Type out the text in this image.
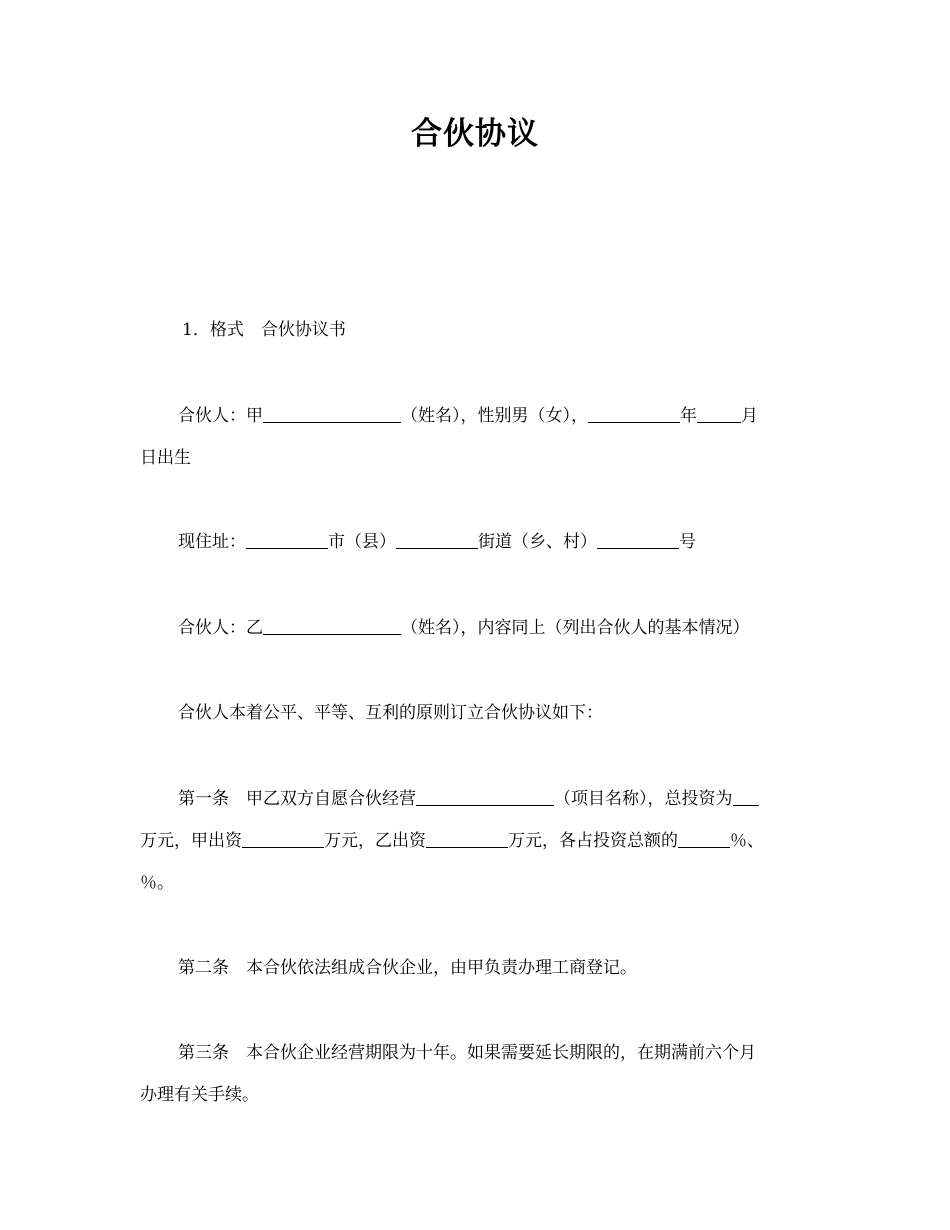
合伙协议
1．格式　合伙协议书
合伙人：甲	（姓名），性别男（女），	年	月
日出生
现住址：	市（县）	街道（乡、村）	号
合伙人：乙	（姓名），内容同上（列出合伙人的基本情况）
合伙人本着公平、平等、互利的原则订立合伙协议如下：
第一条　甲乙双方自愿合伙经营	（项目名称），总投资为
万元，甲出资	万元，乙出资	万元，各占投资总额的	％、
％。
第二条　本合伙依法组成合伙企业，由甲负责办理工商登记。
第三条　本合伙企业经营期限为十年。如果需要延长期限的，在期满前六个月
办理有关手续。
